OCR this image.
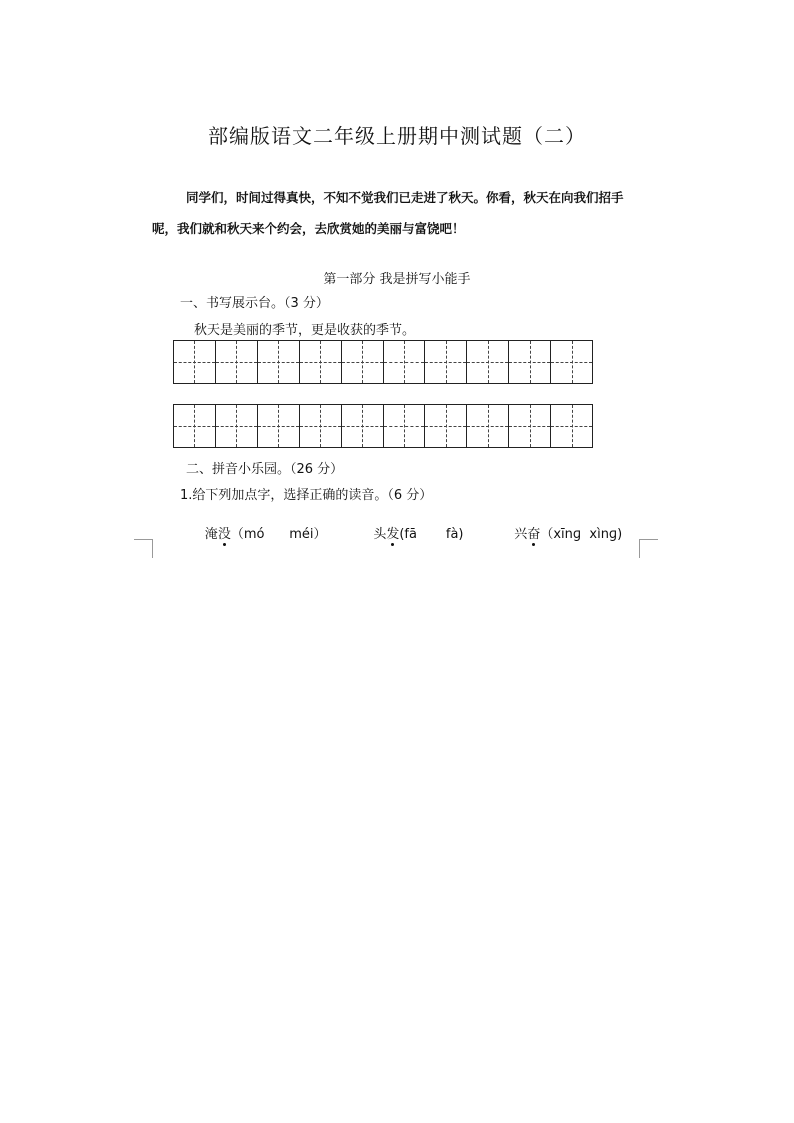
部编版语文二年级上册期中测试题（二）
同学们，时间过得真快，不知不觉我们已走进了秋天。你看，秋天在向我们招手呢，我们就和秋天来个约会，去欣赏她的美丽与富饶吧！
第一部分 我是拼写小能手
一、书写展示台。（3 分）
秋天是美丽的季节，更是收获的季节。
二、拼音小乐园。（26 分）
1.给下列加点字，选择正确的读音。（6 分）

淹没（mó      méi）
	头发(fā       fà)
	兴奋（xīnɡ  xìnɡ)
